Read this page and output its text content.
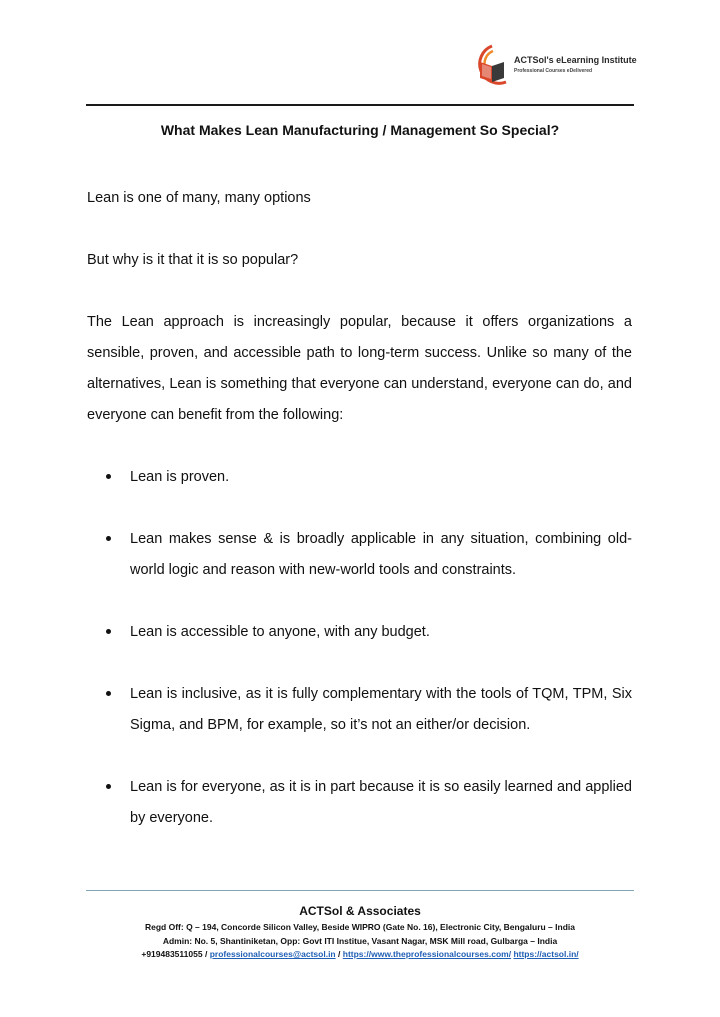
ACTSol's eLearning Institute
Professional Courses eDelivered
What Makes Lean Manufacturing / Management So Special?

Lean is one of many, many options

But why is it that it is so popular?

The Lean approach is increasingly popular, because it offers organizations a sensible, proven, and accessible path to long-term success. Unlike so many of the alternatives, Lean is something that everyone can understand, everyone can do, and everyone can benefit from the following:

Lean is proven.
Lean makes sense & is broadly applicable in any situation, combining old-world logic and reason with new-world tools and constraints.
Lean is accessible to anyone, with any budget.
Lean is inclusive, as it is fully complementary with the tools of TQM, TPM, Six Sigma, and BPM, for example, so it’s not an either/or decision.
Lean is for everyone, as it is in part because it is so easily learned and applied by everyone.
ACTSol & Associates
Regd Off: Q – 194, Concorde Silicon Valley, Beside WIPRO (Gate No. 16), Electronic City, Bengaluru – India
Admin: No. 5, Shantiniketan, Opp: Govt ITI Institue, Vasant Nagar, MSK Mill road, Gulbarga – India
+919483511055 / professionalcourses@actsol.in / https://www.theprofessionalcourses.com/ https://actsol.in/
